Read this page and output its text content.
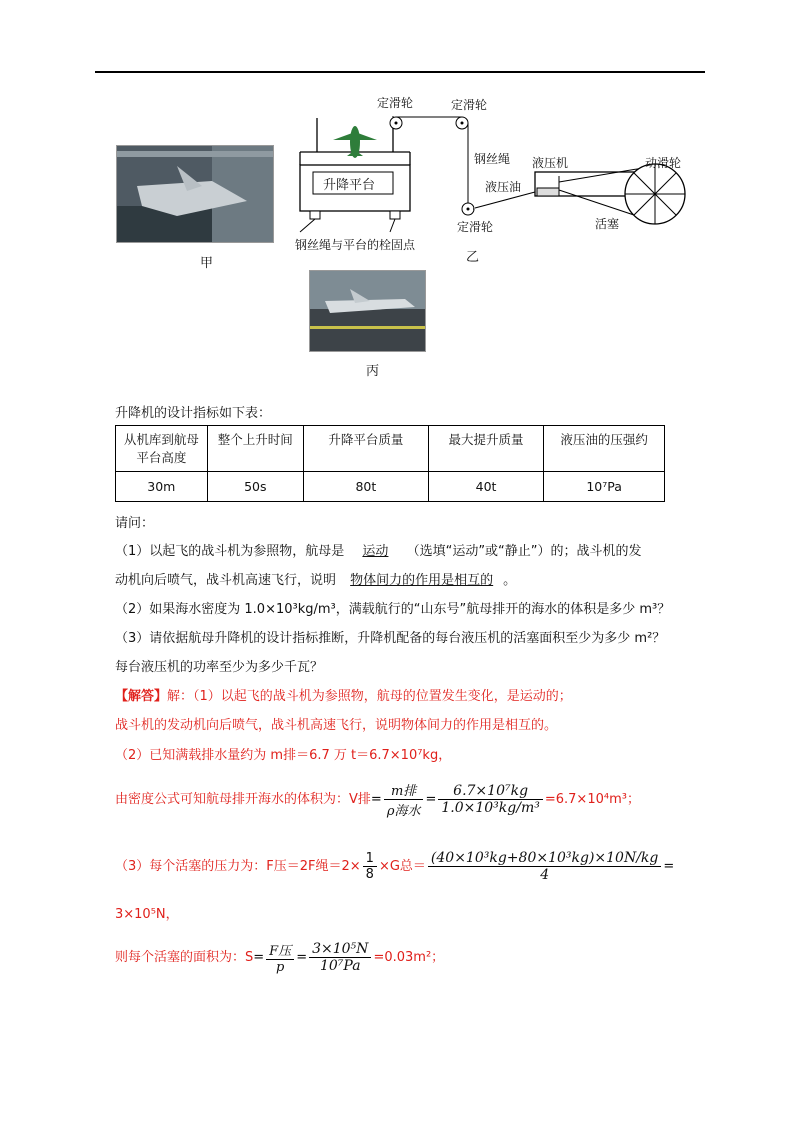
甲
定滑轮	定滑轮
钢丝绳 液压机	动滑轮
液压油
活塞
定滑轮
升降平台
钢丝绳与平台的栓固点
乙
丙
升降机的设计指标如下表：
从机库到航母平台高度	整个上升时间	升降平台质量	最大提升质量	液压油的压强约
30m	50s	80t	40t	10⁷Pa
请问：
（1）以起飞的战斗机为参照物，航母是 运动 （选填“运动”或“静止”）的；战斗机的发
动机向后喷气，战斗机高速飞行，说明 物体间力的作用是相互的 。
（2）如果海水密度为 1.0×10³kg/m³，满载航行的“山东号”航母排开的海水的体积是多少 m³？
（3）请依据航母升降机的设计指标推断，升降机配备的每台液压机的活塞面积至少为多少 m²？
每台液压机的功率至少为多少千瓦？
【解答】解：（1）以起飞的战斗机为参照物，航母的位置发生变化，是运动的；
战斗机的发动机向后喷气，战斗机高速飞行，说明物体间力的作用是相互的。
（2）已知满载排水量约为 m排＝6.7 万 t＝6.7×10⁷kg，
由密度公式可知航母排开海水的体积为：V排= $\frac{\text{m排}}{\text{ρ海水}} = \frac{\text{6.7×10⁷kg}}{\text{1.0×10³kg/m³}} =6.7\times 10^4m^3$；
（3）每个活塞的压力为：F压＝2F绳$=2\times \frac{1}{8} \times G$总＝ $\frac{\text{(40×10³kg+80×10³kg)×10N/kg}}{4}$ =
3×10⁵N，
则每个活塞的面积为：$S= \frac{\text{F压}}{p} = \frac{\text{3×10⁵N}}{\text{10⁷Pa}} =0.03m^2$；
